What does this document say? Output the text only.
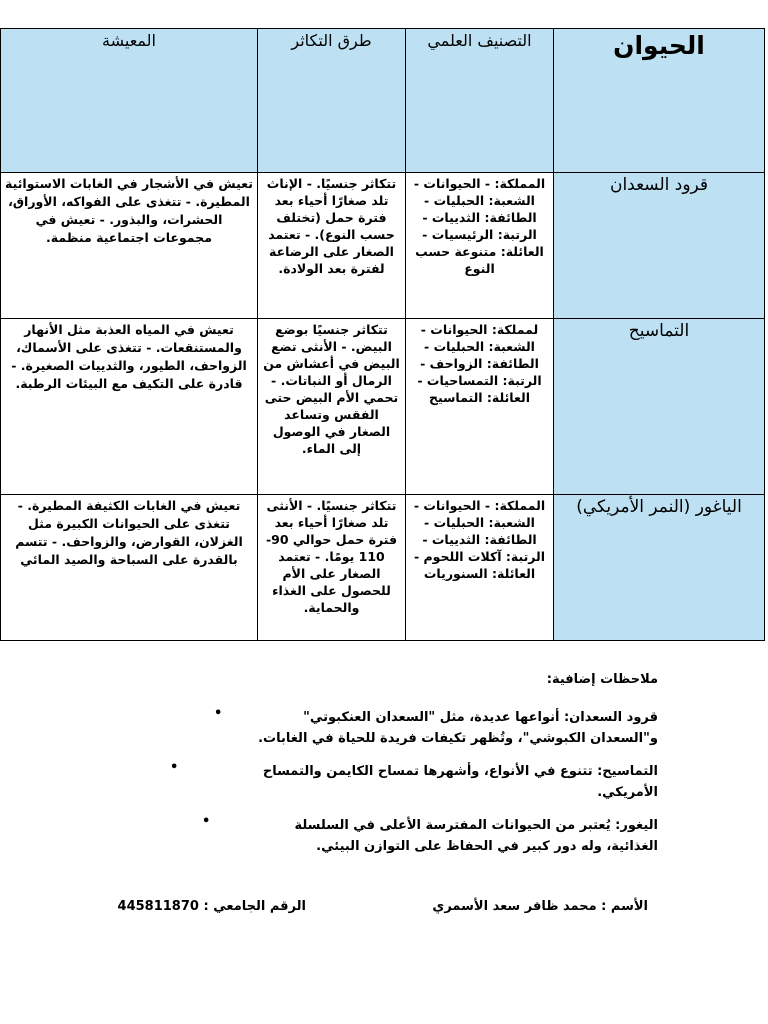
الحيوان	التصنيف العلمي	طرق التكاثر	المعيشة
قرود السعدان	المملكة: - الحيوانات - الشعبة: الحبليات - الطائفة: الثدييات - الرتبة: الرئيسيات - العائلة: متنوعة حسب النوع	تتكاثر جنسيًا. - الإناث تلد صغارًا أحياء بعد فترة حمل (تختلف حسب النوع). - تعتمد الصغار على الرضاعة لفترة بعد الولادة.	تعيش في الأشجار في الغابات الاستوائية المطيرة. - تتغذى على الفواكه، الأوراق، الحشرات، والبذور. - تعيش في مجموعات اجتماعية منظمة.
التماسيح	لمملكة: الحيوانات - الشعبة: الحبليات - الطائفة: الزواحف - الرتبة: التمساحيات - العائلة: التماسيح	تتكاثر جنسيًا بوضع البيض. - الأنثى تضع البيض في أعشاش من الرمال أو النباتات. - تحمي الأم البيض حتى الفقس وتساعد الصغار في الوصول إلى الماء.	تعيش في المياه العذبة مثل الأنهار والمستنقعات. - تتغذى على الأسماك، الزواحف، الطيور، والثدييات الصغيرة. - قادرة على التكيف مع البيئات الرطبة.
الياغور (النمر الأمريكي)	المملكة: - الحيوانات - الشعبة: الحبليات - الطائفة: الثدييات - الرتبة: آكلات اللحوم - العائلة: السنوريات	تتكاثر جنسيًا. - الأنثى تلد صغارًا أحياء بعد فترة حمل حوالي 90-110 يومًا. - تعتمد الصغار على الأم للحصول على الغذاء والحماية.	تعيش في الغابات الكثيفة المطيرة. - تتغذى على الحيوانات الكبيرة مثل الغزلان، القوارض، والزواحف. - تتسم بالقدرة على السباحة والصيد المائي
ملاحظات إضافية:
•	قرود السعدان: أنواعها عديدة، مثل "السعدان العنكبوتي"
و"السعدان الكبوشي"، وتُظهر تكيفات فريدة للحياة في الغابات.
•	التماسيح: تتنوع في الأنواع، وأشهرها تمساح الكايمن والتمساح
الأمريكي.
•	اليغور: يُعتبر من الحيوانات المفترسة الأعلى في السلسلة
الغذائية، وله دور كبير في الحفاظ على التوازن البيئي.
الأسم : محمد ظافر سعد الأسمري
الرقم الجامعي : 445811870
